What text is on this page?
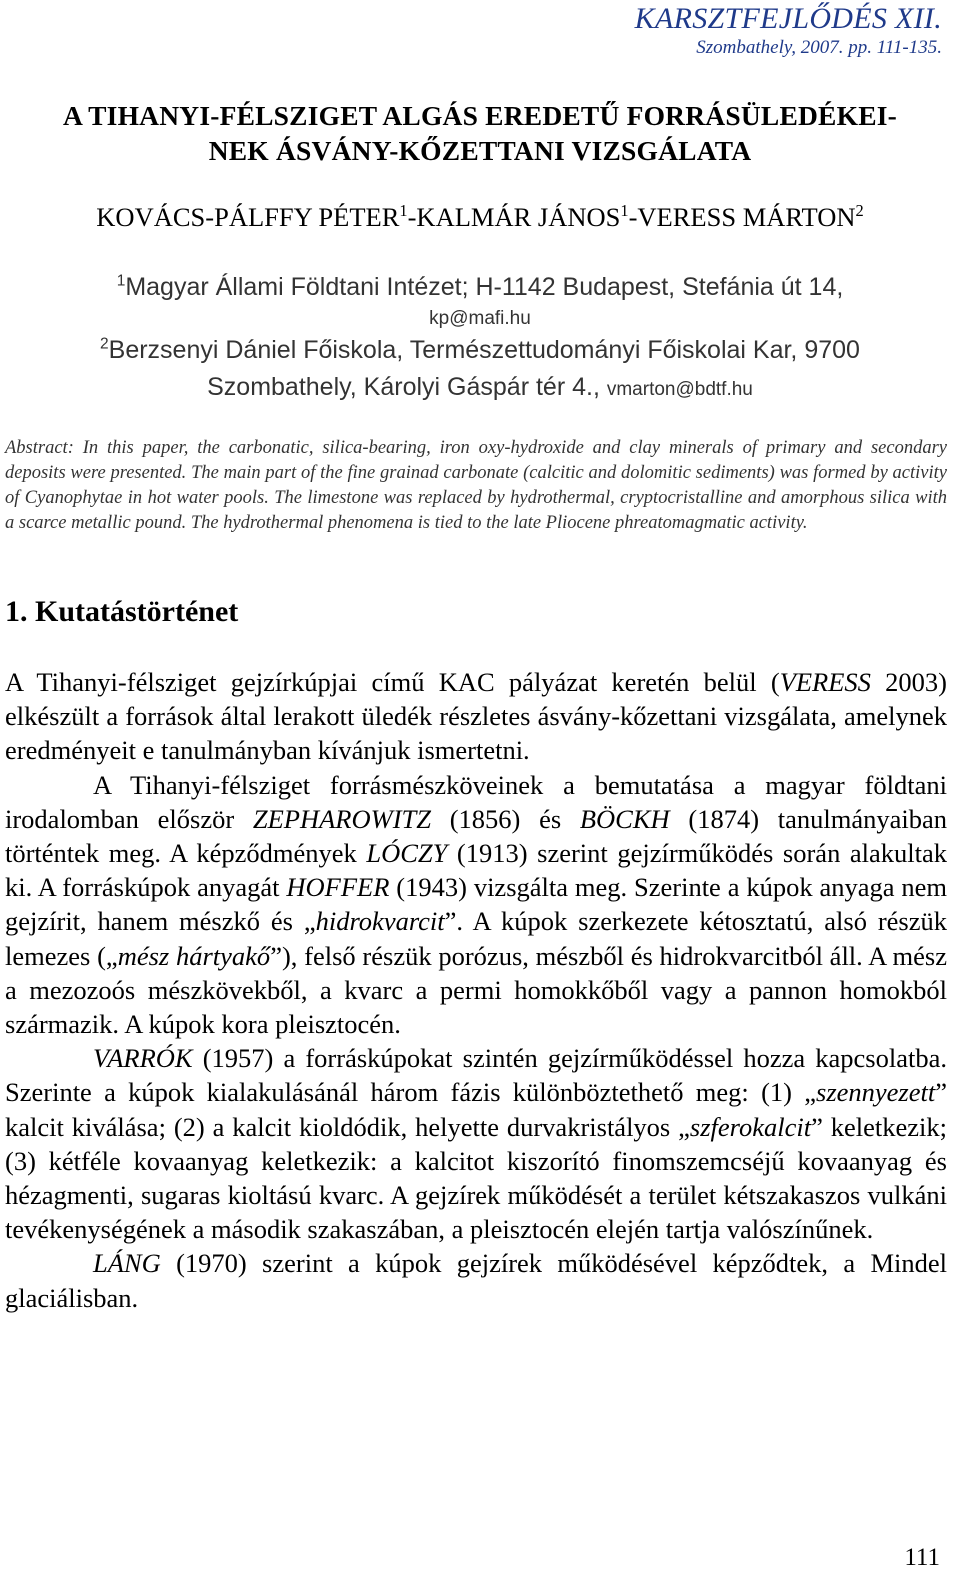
KARSZTFEJLŐDÉS XII.
Szombathely, 2007. pp. 111-135.
A TIHANYI-FÉLSZIGET ALGÁS EREDETŰ FORRÁSÜLEDÉKEI-
NEK ÁSVÁNY-KŐZETTANI VIZSGÁLATA
KOVÁCS-PÁLFFY PÉTER$^1$-KALMÁR JÁNOS$^1$-VERESS MÁRTON$^2$
$^1$Magyar Állami Földtani Intézet; H-1142 Budapest, Stefánia út 14,
kp@mafi.hu
$^2$Berzsenyi Dániel Főiskola, Természettudományi Főiskolai Kar, 9700
Szombathely, Károlyi Gáspár tér 4., vmarton@bdtf.hu
Abstract: In this paper, the carbonatic, silica-bearing, iron oxy-hydroxide and clay minerals of primary and secondary deposits were presented. The main part of the fine grainad carbonate (calcitic and dolomitic sediments) was formed by activity of Cyanophytae in hot water pools. The limestone was replaced by hydrothermal, cryptocristalline and amorphous silica with a scarce metallic pound. The hydrothermal phenomena is tied to the late Pliocene phreatomagmatic activity.
1. Kutatástörténet

A Tihanyi-félsziget gejzírkúpjai című KAC pályázat keretén belül (VERESS 2003) elkészült a források által lerakott üledék részletes ásvány-kőzettani vizsgálata, amelynek eredményeit e tanulmányban kívánjuk ismertetni.

A Tihanyi-félsziget forrásmészköveinek a bemutatása a magyar földtani irodalomban először ZEPHAROWITZ (1856) és BÖCKH (1874) tanulmányaiban történtek meg. A képződmények LÓCZY (1913) szerint gejzírműködés során alakultak ki. A forráskúpok anyagát HOFFER (1943) vizsgálta meg. Szerinte a kúpok anyaga nem gejzírit, hanem mészkő és „hidrokvarcit”. A kúpok szerkezete kétosztatú, alsó részük lemezes („mész hártyakő”), felső részük porózus, mészből és hidrokvarcitból áll. A mész a mezozoós mészkövekből, a kvarc a permi homokkőből vagy a pannon homokból származik. A kúpok kora pleisztocén.

VARRÓK (1957) a forráskúpokat szintén gejzírműködéssel hozza kapcsolatba. Szerinte a kúpok kialakulásánál három fázis különböztethető meg: (1) „szennyezett” kalcit kiválása; (2) a kalcit kioldódik, helyette durvakristályos „szferokalcit” keletkezik; (3) kétféle kovaanyag keletkezik: a kalcitot kiszorító finomszemcséjű kovaanyag és hézagmenti, sugaras kioltású kvarc. A gejzírek működését a terület kétszakaszos vulkáni tevékenységének a második szakaszában, a pleisztocén elején tartja valószínűnek.

LÁNG (1970) szerint a kúpok gejzírek működésével képződtek, a Mindel glaciálisban.

111
